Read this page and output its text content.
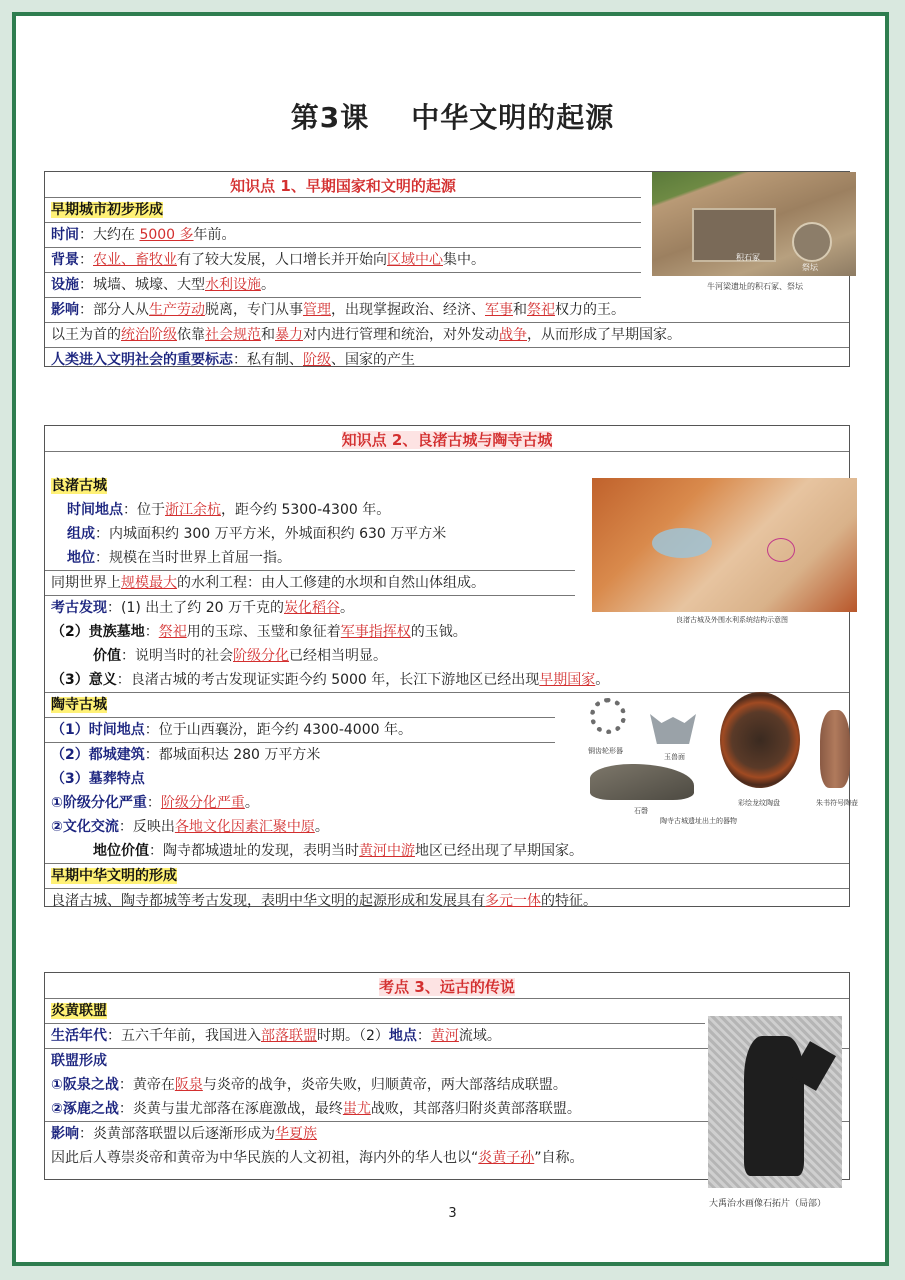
第3课 中华文明的起源
知识点 1、早期国家和文明的起源
早期城市初步形成
时间：大约在 5000 多年前。
背景：农业、畜牧业有了较大发展，人口增长并开始向区域中心集中。
设施：城墙、城壕、大型水利设施。
影响：部分人从生产劳动脱离，专门从事管理，出现掌握政治、经济、军事和祭祀权力的王。
以王为首的统治阶级依靠社会规范和暴力对内进行管理和统治，对外发动战争，从而形成了早期国家。
人类进入文明社会的重要标志：私有制、阶级、国家的产生
积石冢
祭坛
牛河梁遗址的积石冢、祭坛
知识点 2、良渚古城与陶寺古城
良渚古城
时间地点：位于浙江余杭，距今约 5300-4300 年。
组成：内城面积约 300 万平方米，外城面积约 630 万平方米
地位：规模在当时世界上首屈一指。
同期世界上规模最大的水利工程：由人工修建的水坝和自然山体组成。
考古发现：(1) 出土了约 20 万千克的炭化稻谷。
（2）贵族墓地：祭祀用的玉琮、玉璧和象征着军事指挥权的玉钺。
价值：说明当时的社会阶级分化已经相当明显。
（3）意义：良渚古城的考古发现证实距今约 5000 年，长江下游地区已经出现早期国家。
陶寺古城
（1）时间地点：位于山西襄汾，距今约 4300-4000 年。
（2）都城建筑：都城面积达 280 万平方米
（3）墓葬特点
①阶级分化严重：阶级分化严重。
②文化交流：反映出各地文化因素汇聚中原。
地位价值：陶寺都城遗址的发现，表明当时黄河中游地区已经出现了早期国家。
早期中华文明的形成
良渚古城、陶寺都城等考古发现，表明中华文明的起源形成和发展具有多元一体的特征。
良渚古城及外围水利系统结构示意图
铜齿轮形器
玉兽面
石磬
彩绘龙纹陶盘	朱书符号陶壶
陶寺古城遗址出土的器物
考点 3、远古的传说
炎黄联盟
生活年代：五六千年前，我国进入部落联盟时期。（2）地点：黄河流域。
联盟形成
①阪泉之战：黄帝在阪泉与炎帝的战争，炎帝失败，归顺黄帝，两大部落结成联盟。
②涿鹿之战：炎黄与蚩尤部落在涿鹿激战，最终蚩尤战败，其部落归附炎黄部落联盟。
影响：炎黄部落联盟以后逐渐形成为华夏族
因此后人尊崇炎帝和黄帝为中华民族的人文初祖，海内外的华人也以“炎黄子孙”自称。
大禹治水画像石拓片（局部）
3
